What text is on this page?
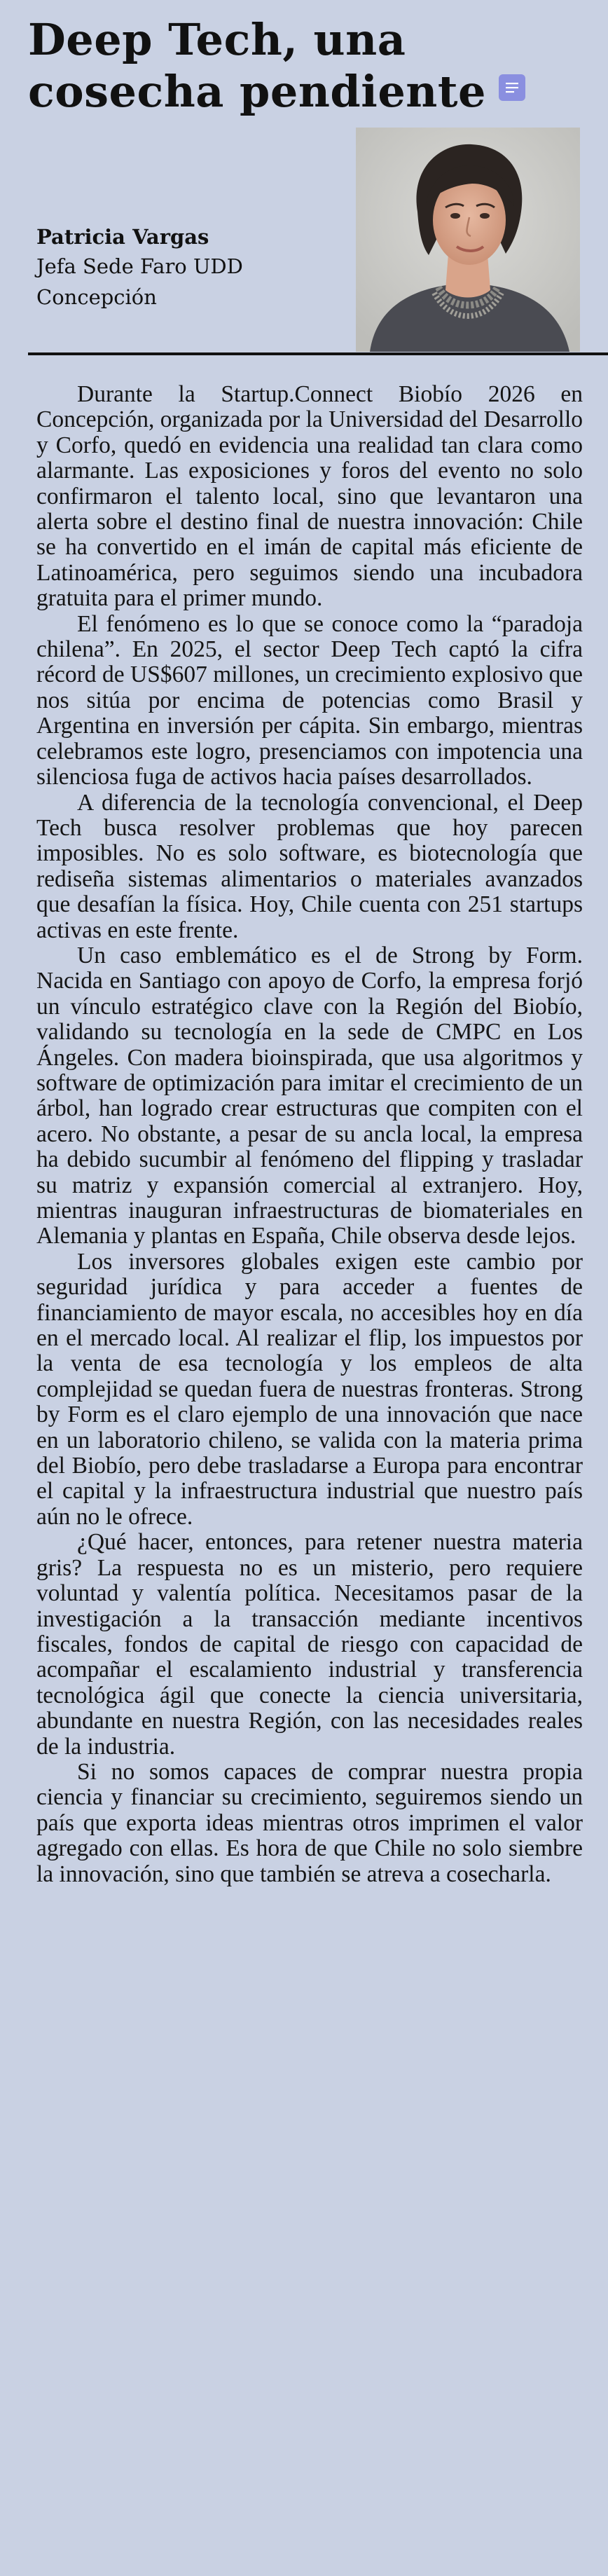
Deep Tech, una cosecha pendiente
Patricia Vargas
Jefa Sede Faro UDD
Concepción

Durante la Startup.Connect Biobío 2026 en Concepción, organizada por la Universidad del Desarrollo y Corfo, quedó en evidencia una realidad tan clara como alarmante. Las exposiciones y foros del evento no solo confirmaron el talento local, sino que levantaron una alerta sobre el destino final de nuestra innovación: Chile se ha convertido en el imán de capital más eficiente de Latinoamérica, pero seguimos siendo una incubadora gratuita para el primer mundo.

El fenómeno es lo que se conoce como la “paradoja chilena”. En 2025, el sector Deep Tech captó la cifra récord de US$607 millones, un crecimiento explosivo que nos sitúa por encima de potencias como Brasil y Argentina en inversión per cápita. Sin embargo, mientras celebramos este logro, presenciamos con impotencia una silenciosa fuga de activos hacia países desarrollados.

A diferencia de la tecnología convencional, el Deep Tech busca resolver problemas que hoy parecen imposibles. No es solo software, es biotecnología que rediseña sistemas alimentarios o materiales avanzados que desafían la física. Hoy, Chile cuenta con 251 startups activas en este frente.

Un caso emblemático es el de Strong by Form. Nacida en Santiago con apoyo de Corfo, la empresa forjó un vínculo estratégico clave con la Región del Biobío, validando su tecnología en la sede de CMPC en Los Ángeles. Con madera bioinspirada, que usa algoritmos y software de optimización para imitar el crecimiento de un árbol, han logrado crear estructuras que compiten con el acero. No obstante, a pesar de su ancla local, la empresa ha debido sucumbir al fenómeno del flipping y trasladar su matriz y expansión comercial al extranjero. Hoy, mientras inauguran infraestructuras de biomateriales en Alemania y plantas en España, Chile observa desde lejos.

Los inversores globales exigen este cambio por seguridad jurídica y para acceder a fuentes de financiamiento de mayor escala, no accesibles hoy en día en el mercado local. Al realizar el flip, los impuestos por la venta de esa tecnología y los empleos de alta complejidad se quedan fuera de nuestras fronteras. Strong by Form es el claro ejemplo de una innovación que nace en un laboratorio chileno, se valida con la materia prima del Biobío, pero debe trasladarse a Europa para encontrar el capital y la infraestructura industrial que nuestro país aún no le ofrece.

¿Qué hacer, entonces, para retener nuestra materia gris? La respuesta no es un misterio, pero requiere voluntad y valentía política. Necesitamos pasar de la investigación a la transacción mediante incentivos fiscales, fondos de capital de riesgo con capacidad de acompañar el escalamiento industrial y transferencia tecnológica ágil que conecte la ciencia universitaria, abundante en nuestra Región, con las necesidades reales de la industria.

Si no somos capaces de comprar nuestra propia ciencia y financiar su crecimiento, seguiremos siendo un país que exporta ideas mientras otros imprimen el valor agregado con ellas. Es hora de que Chile no solo siembre la innovación, sino que también se atreva a cosecharla.
